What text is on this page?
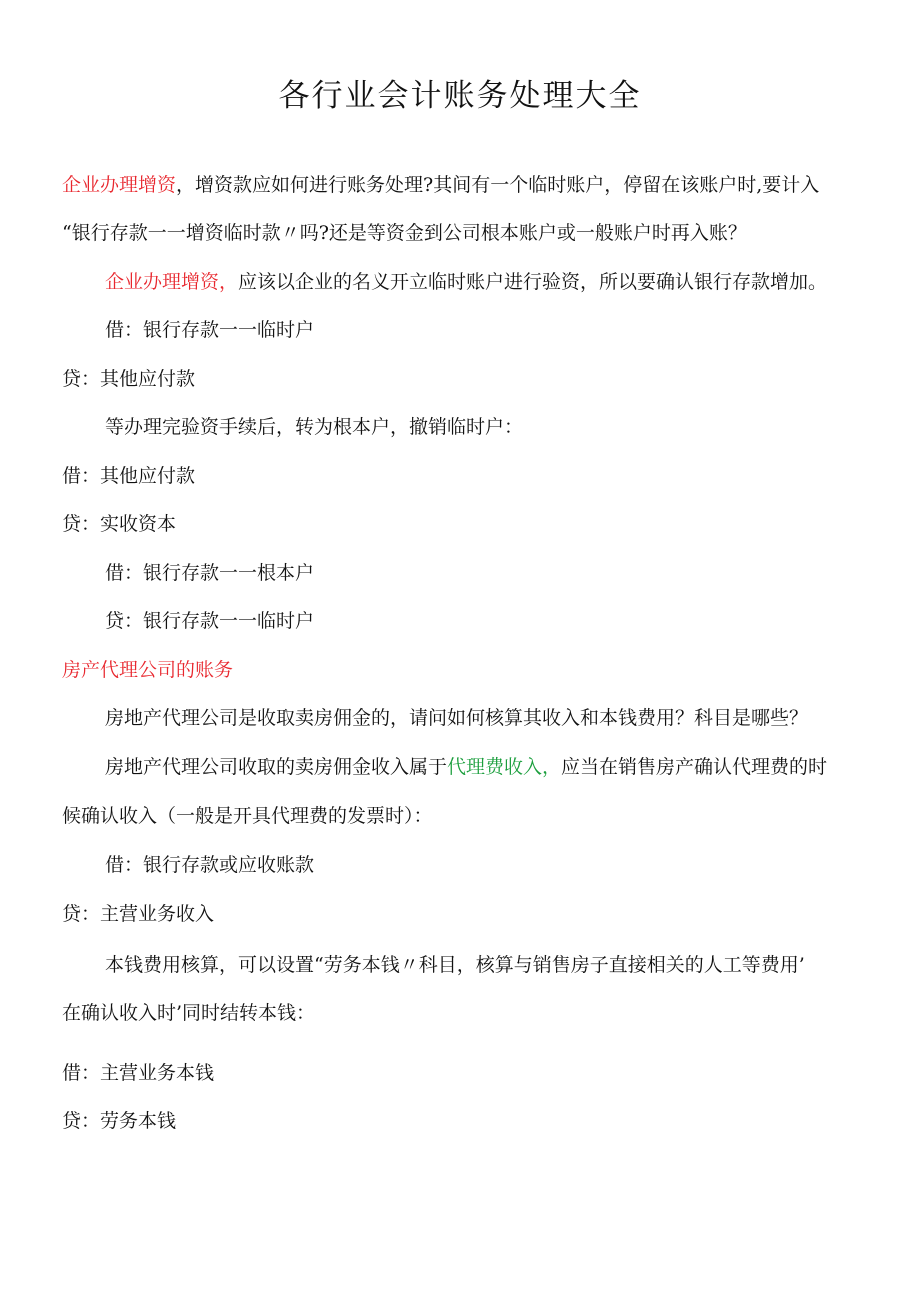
各行业会计账务处理大全

企业办理增资，增资款应如何进行账务处理?其间有一个临时账户，停留在该账户时,要计入

“银行存款一一增资临时款〃吗?还是等资金到公司根本账户或一般账户时再入账？

企业办理增资，应该以企业的名义开立临时账户进行验资，所以要确认银行存款增加。

借：银行存款一一临时户

贷：其他应付款

等办理完验资手续后，转为根本户，撤销临时户：

借：其他应付款

贷：实收资本

借：银行存款一一根本户

贷：银行存款一一临时户

房产代理公司的账务

房地产代理公司是收取卖房佣金的，请问如何核算其收入和本钱费用？科目是哪些？

房地产代理公司收取的卖房佣金收入属于代理费收入，应当在销售房产确认代理费的时

候确认收入（一般是开具代理费的发票时）：

借：银行存款或应收账款

贷：主营业务收入

本钱费用核算，可以设置“劳务本钱〃科目，核算与销售房子直接相关的人工等费用’

在确认收入时’同时结转本钱：

借：主营业务本钱

贷：劳务本钱
